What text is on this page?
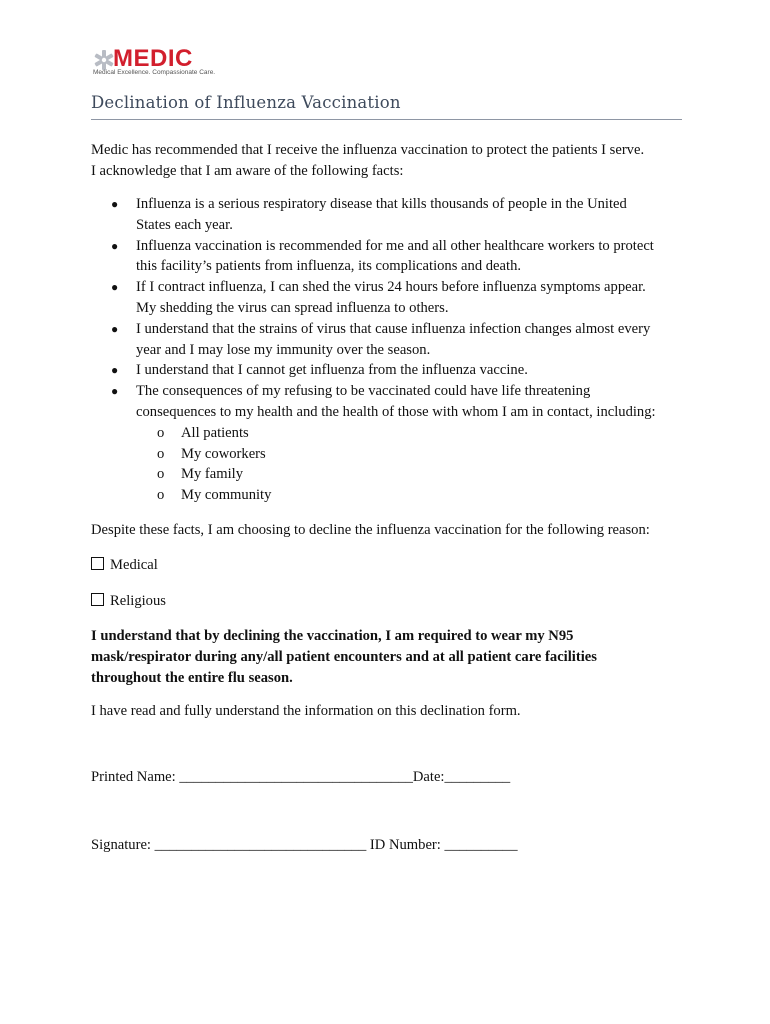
MEDIC
Medical Excellence. Compassionate Care.
Declination of Influenza Vaccination
Medic has recommended that I receive the influenza vaccination to protect the patients I serve.
I acknowledge that I am aware of the following facts:
● Influenza is a serious respiratory disease that kills thousands of people in the United
States each year.
● Influenza vaccination is recommended for me and all other healthcare workers to protect
this facility’s patients from influenza, its complications and death.
● If I contract influenza, I can shed the virus 24 hours before influenza symptoms appear.
My shedding the virus can spread influenza to others.
● I understand that the strains of virus that cause influenza infection changes almost every
year and I may lose my immunity over the season.
● I understand that I cannot get influenza from the influenza vaccine.
● The consequences of my refusing to be vaccinated could have life threatening
consequences to my health and the health of those with whom I am in contact, including:
o All patients
o My coworkers
o My family
o My community
Despite these facts, I am choosing to decline the influenza vaccination for the following reason:
Medical
Religious
I understand that by declining the vaccination, I am required to wear my N95
mask/respirator during any/all patient encounters and at all patient care facilities
throughout the entire flu season.
I have read and fully understand the information on this declination form.
Printed Name: ________________________________Date:_________
Signature: _____________________________ ID Number: __________
